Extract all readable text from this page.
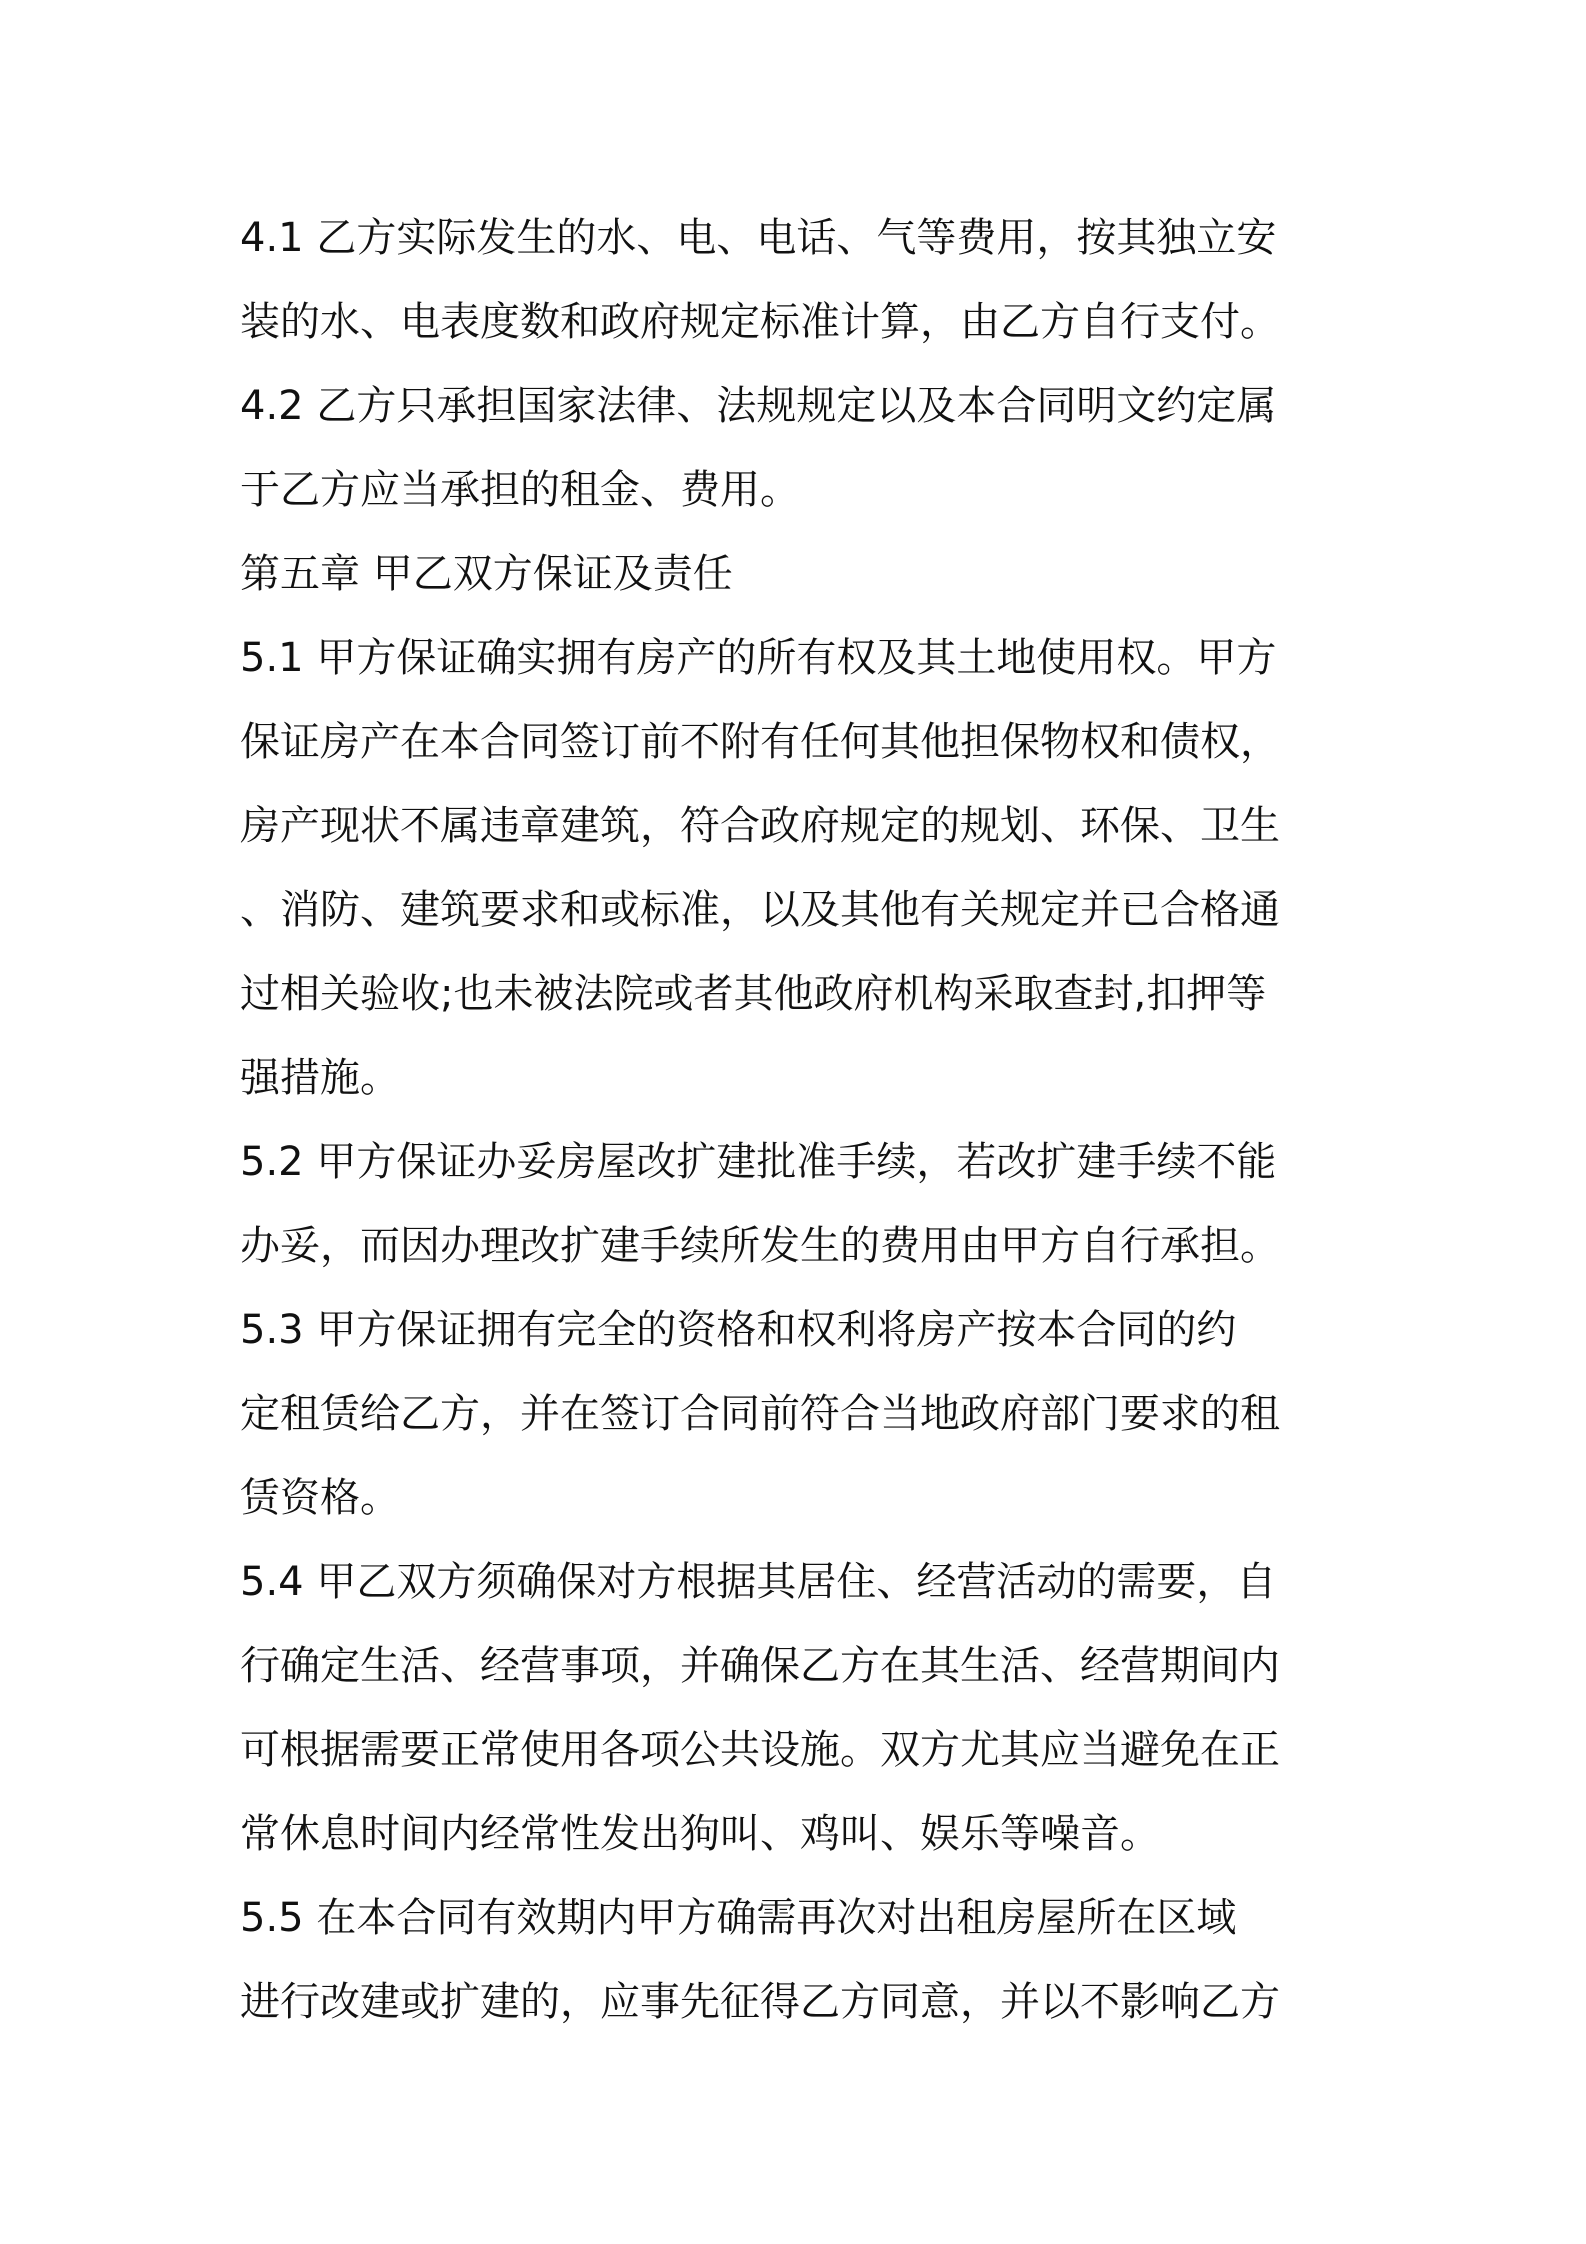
4.1 乙方实际发生的水、电、电话、气等费用，按其独立安
装的水、电表度数和政府规定标准计算，由乙方自行支付。
4.2 乙方只承担国家法律、法规规定以及本合同明文约定属
于乙方应当承担的租金、费用。
第五章 甲乙双方保证及责任
5.1 甲方保证确实拥有房产的所有权及其土地使用权。甲方
保证房产在本合同签订前不附有任何其他担保物权和债权，
房产现状不属违章建筑，符合政府规定的规划、环保、卫生
、消防、建筑要求和或标准，以及其他有关规定并已合格通
过相关验收;也未被法院或者其他政府机构采取查封,扣押等
强措施。
5.2 甲方保证办妥房屋改扩建批准手续，若改扩建手续不能
办妥，而因办理改扩建手续所发生的费用由甲方自行承担。
5.3 甲方保证拥有完全的资格和权利将房产按本合同的约
定租赁给乙方，并在签订合同前符合当地政府部门要求的租
赁资格。
5.4 甲乙双方须确保对方根据其居住、经营活动的需要，自
行确定生活、经营事项，并确保乙方在其生活、经营期间内
可根据需要正常使用各项公共设施。双方尤其应当避免在正
常休息时间内经常性发出狗叫、鸡叫、娱乐等噪音。
5.5 在本合同有效期内甲方确需再次对出租房屋所在区域
进行改建或扩建的，应事先征得乙方同意，并以不影响乙方
